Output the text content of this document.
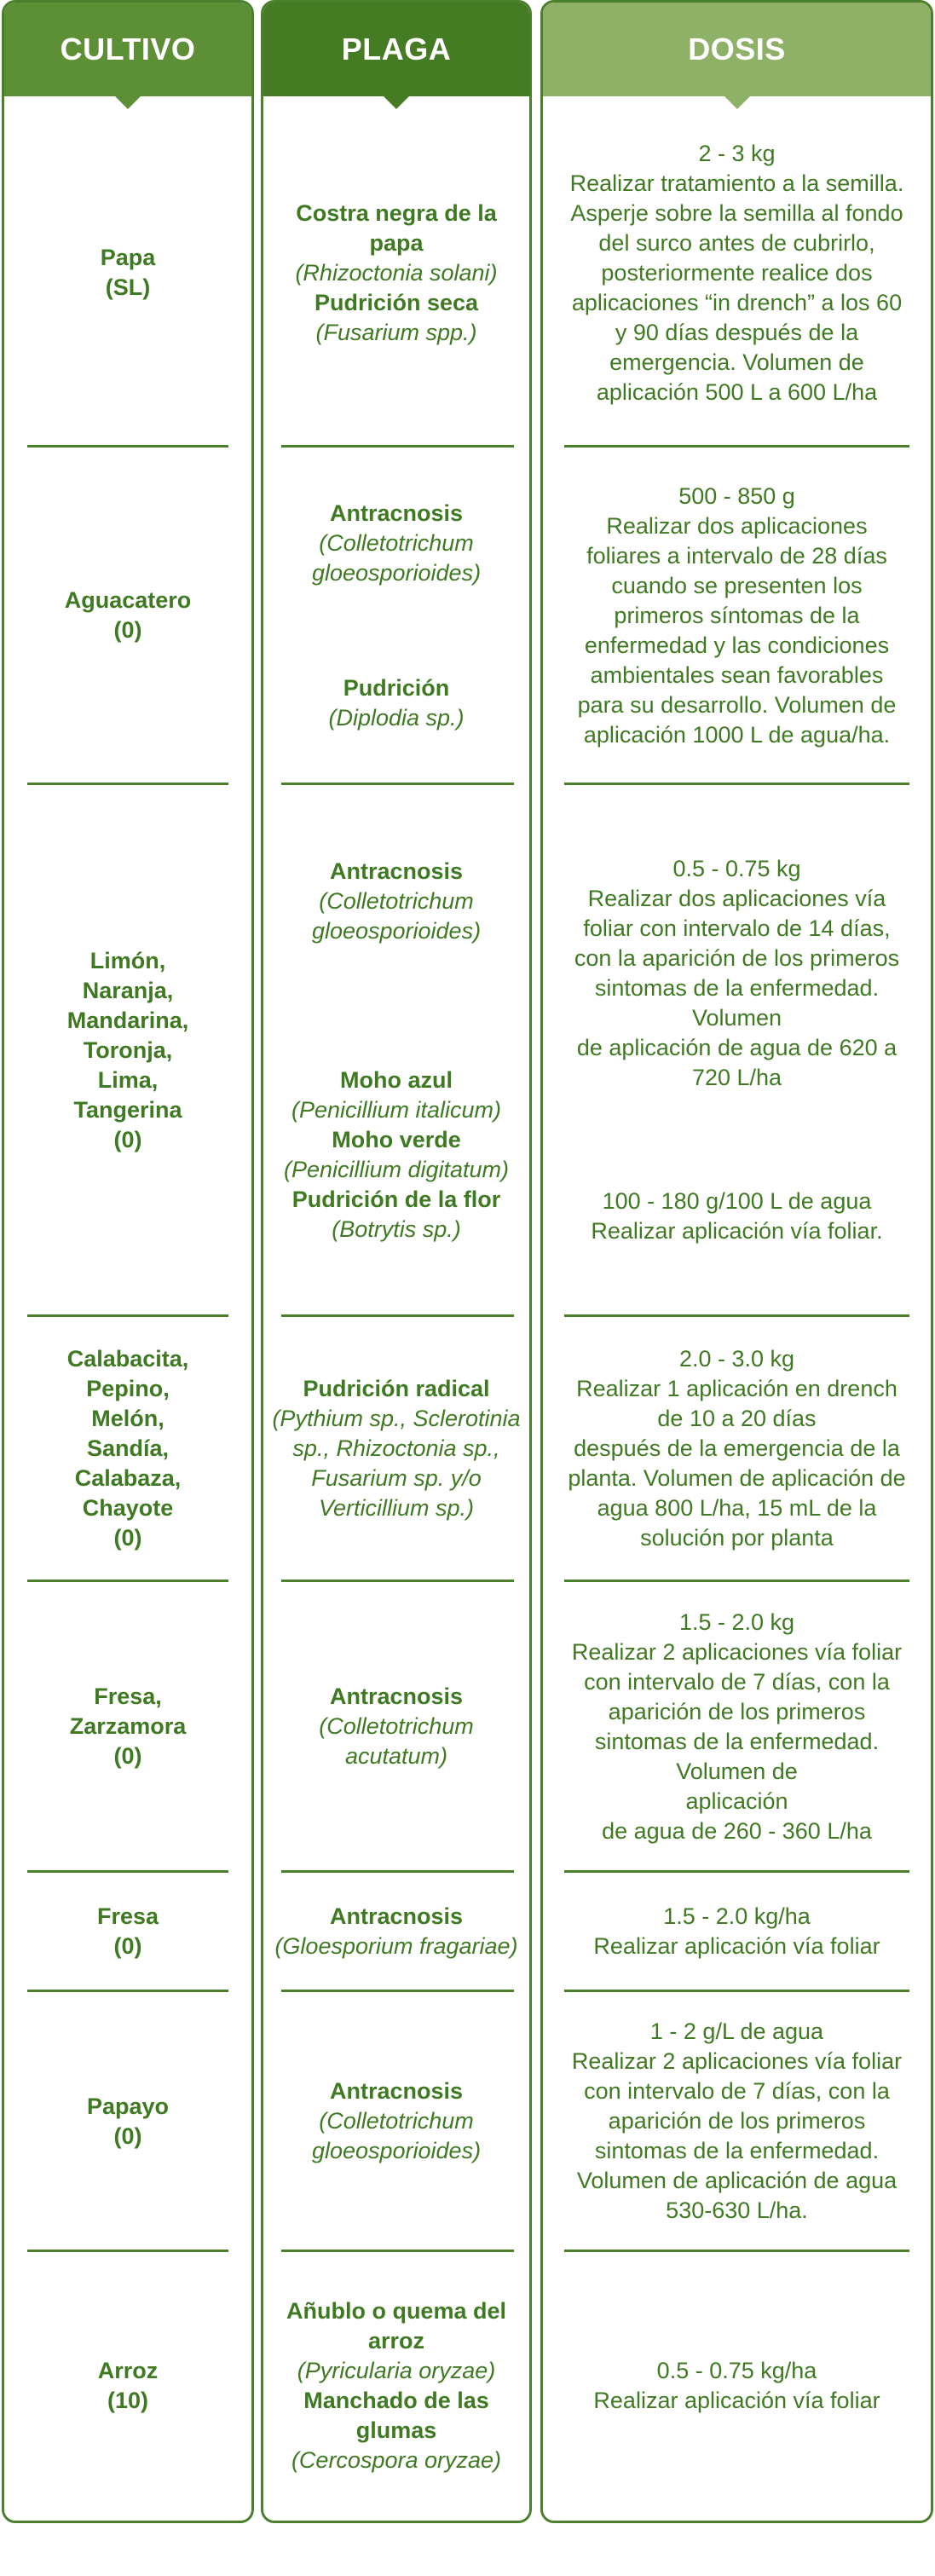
CULTIVO
Papa
(SL)
Aguacatero
(0)
Limón,
Naranja,
Mandarina,
Toronja,
Lima,
Tangerina
(0)
Calabacita,
Pepino,
Melón,
Sandía,
Calabaza,
Chayote
(0)
Fresa,
Zarzamora
(0)
Fresa
(0)
Papayo
(0)
Arroz
(10)
PLAGA
Costra negra de la
papa
(Rhizoctonia solani)
Pudrición seca
(Fusarium spp.)
Antracnosis
(Colletotrichum
gloeosporioides)
Pudrición
(Diplodia sp.)
Antracnosis
(Colletotrichum
gloeosporioides)
Moho azul
(Penicillium italicum)
Moho verde
(Penicillium digitatum)
Pudrición de la flor
(Botrytis sp.)
Pudrición radical
(Pythium sp., Sclerotinia
sp., Rhizoctonia sp.,
Fusarium sp. y/o
Verticillium sp.)
Antracnosis
(Colletotrichum
acutatum)
Antracnosis
(Gloesporium fragariae)
Antracnosis
(Colletotrichum
gloeosporioides)
Añublo o quema del
arroz
(Pyricularia oryzae)
Manchado de las
glumas
(Cercospora oryzae)
DOSIS
2 - 3 kg
Realizar tratamiento a la semilla.
Asperje sobre la semilla al fondo
del surco antes de cubrirlo,
posteriormente realice dos
aplicaciones “in drench” a los 60
y 90 días después de la
emergencia. Volumen de
aplicación 500 L a 600 L/ha
500 - 850 g
Realizar dos aplicaciones
foliares a intervalo de 28 días
cuando se presenten los
primeros síntomas de la
enfermedad y las condiciones
ambientales sean favorables
para su desarrollo. Volumen de
aplicación 1000 L de agua/ha.
0.5 - 0.75 kg
Realizar dos aplicaciones vía
foliar con intervalo de 14 días,
con la aparición de los primeros
sintomas de la enfermedad.
Volumen
de aplicación de agua de 620 a
720 L/ha
100 - 180 g/100 L de agua
Realizar aplicación vía foliar.
2.0 - 3.0 kg
Realizar 1 aplicación en drench
de 10 a 20 días
después de la emergencia de la
planta. Volumen de aplicación de
agua 800 L/ha, 15 mL de la
solución por planta
1.5 - 2.0 kg
Realizar 2 aplicaciones vía foliar
con intervalo de 7 días, con la
aparición de los primeros
sintomas de la enfermedad.
Volumen de
aplicación
de agua de 260 - 360 L/ha
1.5 - 2.0 kg/ha
Realizar aplicación vía foliar
1 - 2 g/L de agua
Realizar 2 aplicaciones vía foliar
con intervalo de 7 días, con la
aparición de los primeros
sintomas de la enfermedad.
Volumen de aplicación de agua
530-630 L/ha.
0.5 - 0.75 kg/ha
Realizar aplicación vía foliar
